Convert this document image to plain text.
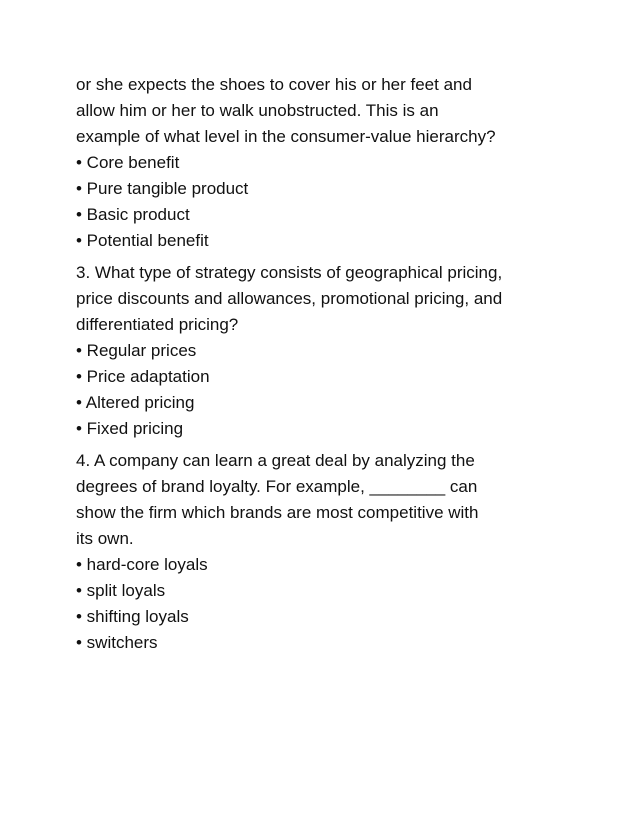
or she expects the shoes to cover his or her feet and
allow him or her to walk unobstructed. This is an
example of what level in the consumer-value hierarchy?
• Core benefit
• Pure tangible product
• Basic product
• Potential benefit
3. What type of strategy consists of geographical pricing,
price discounts and allowances, promotional pricing, and
differentiated pricing?
• Regular prices
• Price adaptation
• Altered pricing
• Fixed pricing
4. A company can learn a great deal by analyzing the
degrees of brand loyalty. For example, ________ can
show the firm which brands are most competitive with
its own.
• hard-core loyals
• split loyals
• shifting loyals
• switchers
